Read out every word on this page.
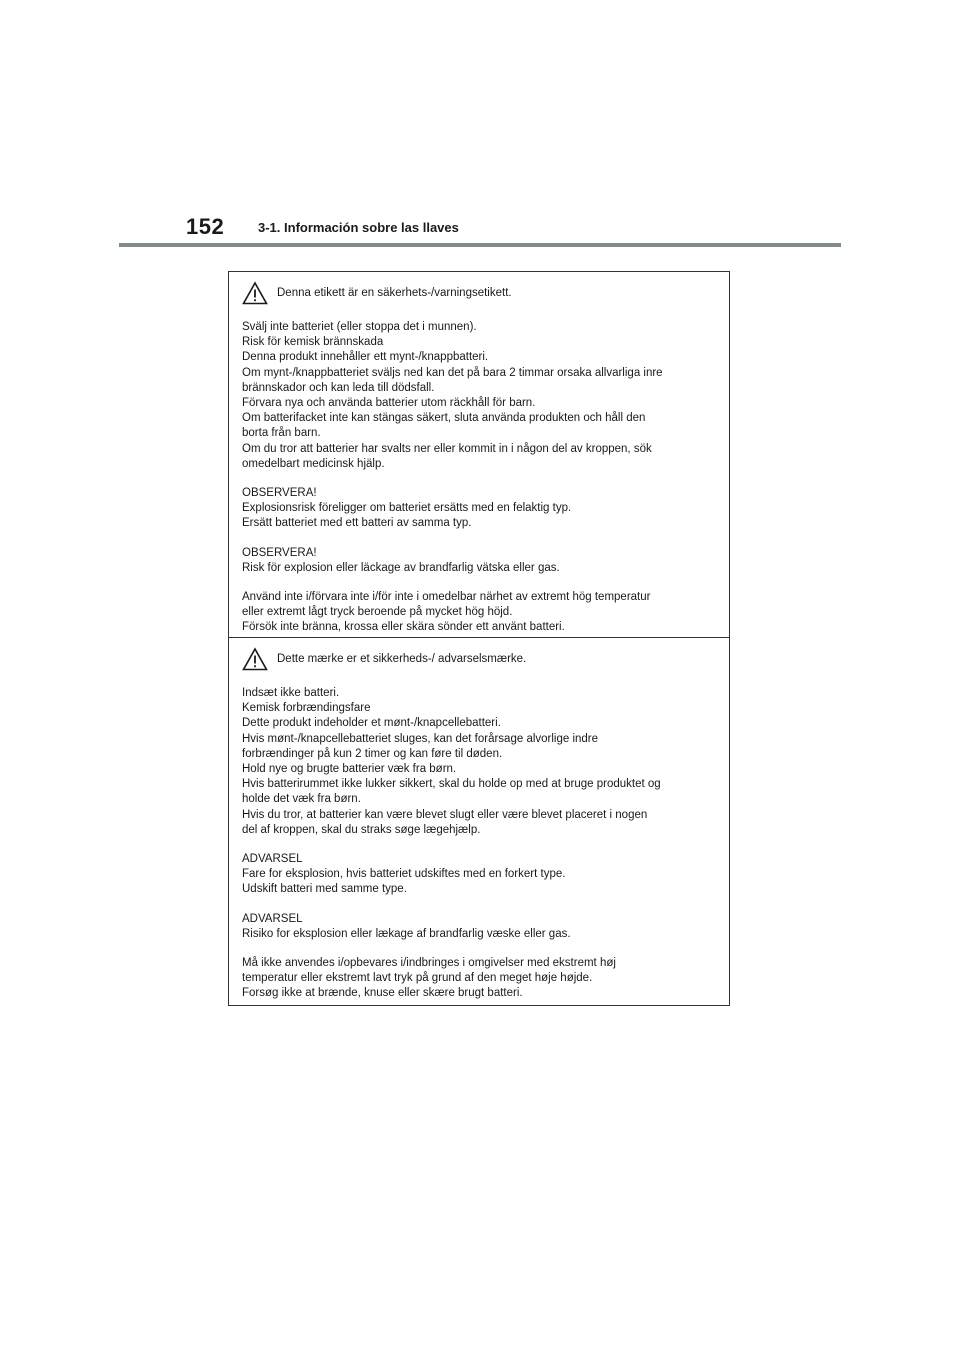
152	3-1. Información sobre las llaves
Denna etikett är en säkerhets-/varningsetikett.
Svälj inte batteriet (eller stoppa det i munnen).
Risk för kemisk brännskada
Denna produkt innehåller ett mynt-/knappbatteri.
Om mynt-/knappbatteriet sväljs ned kan det på bara 2 timmar orsaka allvarliga inre
brännskador och kan leda till dödsfall.
Förvara nya och använda batterier utom räckhåll för barn.
Om batterifacket inte kan stängas säkert, sluta använda produkten och håll den
borta från barn.
Om du tror att batterier har svalts ner eller kommit in i någon del av kroppen, sök
omedelbart medicinsk hjälp.
OBSERVERA!
Explosionsrisk föreligger om batteriet ersätts med en felaktig typ.
Ersätt batteriet med ett batteri av samma typ.
OBSERVERA!
Risk för explosion eller läckage av brandfarlig vätska eller gas.
Använd inte i/förvara inte i/för inte i omedelbar närhet av extremt hög temperatur
eller extremt lågt tryck beroende på mycket hög höjd.
Försök inte bränna, krossa eller skära sönder ett använt batteri.
Dette mærke er et sikkerheds-/ advarselsmærke.
Indsæt ikke batteri.
Kemisk forbrændingsfare
Dette produkt indeholder et mønt-/knapcellebatteri.
Hvis mønt-/knapcellebatteriet sluges, kan det forårsage alvorlige indre
forbrændinger på kun 2 timer og kan føre til døden.
Hold nye og brugte batterier væk fra børn.
Hvis batterirummet ikke lukker sikkert, skal du holde op med at bruge produktet og
holde det væk fra børn.
Hvis du tror, at batterier kan være blevet slugt eller være blevet placeret i nogen
del af kroppen, skal du straks søge lægehjælp.
ADVARSEL
Fare for eksplosion, hvis batteriet udskiftes med en forkert type.
Udskift batteri med samme type.
ADVARSEL
Risiko for eksplosion eller lækage af brandfarlig væske eller gas.
Må ikke anvendes i/opbevares i/indbringes i omgivelser med ekstremt høj
temperatur eller ekstremt lavt tryk på grund af den meget høje højde.
Forsøg ikke at brænde, knuse eller skære brugt batteri.
